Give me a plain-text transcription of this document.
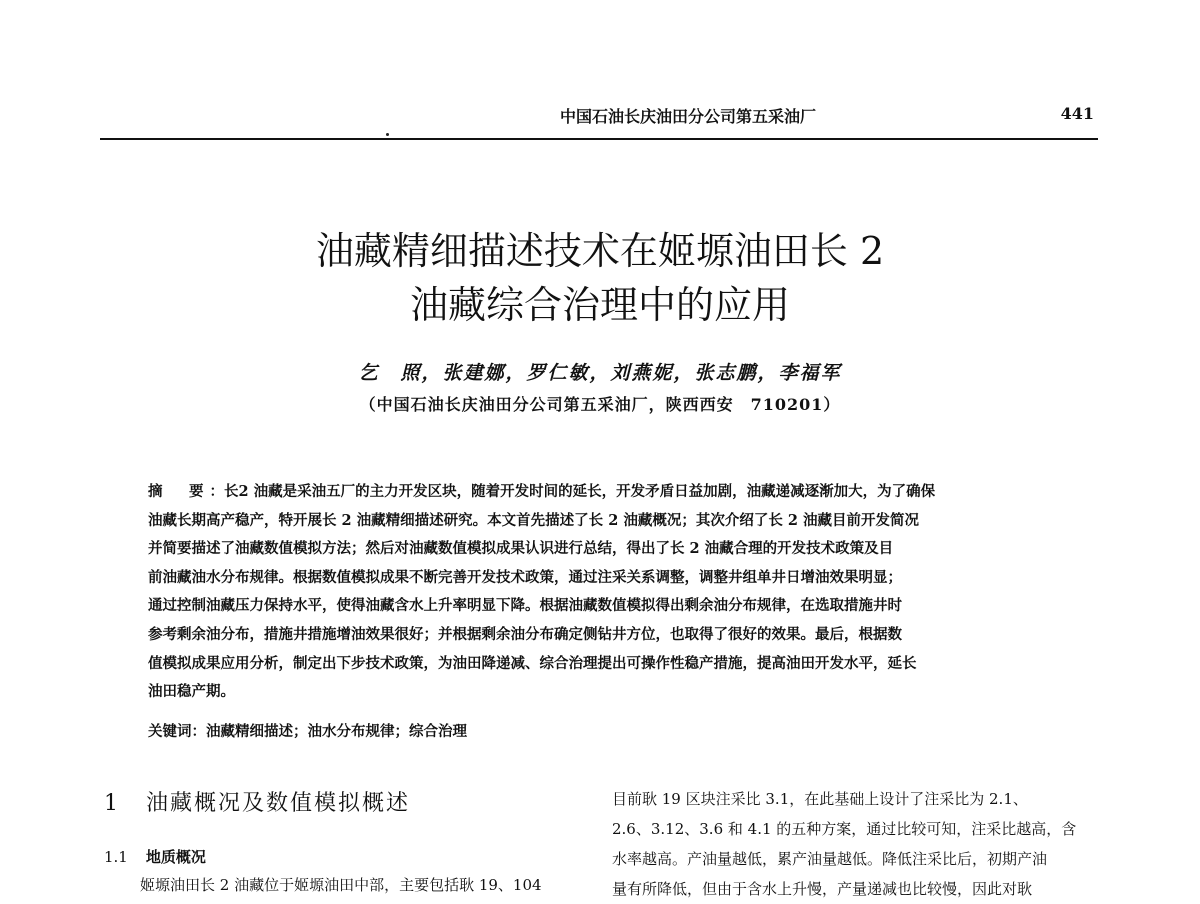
中国石油长庆油田分公司第五采油厂	441
油藏精细描述技术在姬塬油田长 2
油藏综合治理中的应用
乞　照，张建娜，罗仁敏，刘燕妮，张志鹏，李福军
（中国石油长庆油田分公司第五采油厂，陕西西安　710201）
摘　要：长2 油藏是采油五厂的主力开发区块，随着开发时间的延长，开发矛盾日益加剧，油藏递减逐渐加大，为了确保
油藏长期高产稳产，特开展长 2 油藏精细描述研究。本文首先描述了长 2 油藏概况；其次介绍了长 2 油藏目前开发简况
并简要描述了油藏数值模拟方法；然后对油藏数值模拟成果认识进行总结，得出了长 2 油藏合理的开发技术政策及目
前油藏油水分布规律。根据数值模拟成果不断完善开发技术政策，通过注采关系调整，调整井组单井日增油效果明显；
通过控制油藏压力保持水平，使得油藏含水上升率明显下降。根据油藏数值模拟得出剩余油分布规律，在选取措施井时
参考剩余油分布，措施井措施增油效果很好；并根据剩余油分布确定侧钻井方位，也取得了很好的效果。最后，根据数
值模拟成果应用分析，制定出下步技术政策，为油田降递减、综合治理提出可操作性稳产措施，提高油田开发水平，延长
油田稳产期。
关键词：油藏精细描述；油水分布规律；综合治理
1 油藏概况及数值模拟概述
1.1 地质概况
姬塬油田长 2 油藏位于姬塬油田中部，主要包括耿 19、104
目前耿 19 区块注采比 3.1，在此基础上设计了注采比为 2.1、
2.6、3.12、3.6 和 4.1 的五种方案，通过比较可知，注采比越高，含
水率越高。产油量越低，累产油量越低。降低注采比后，初期产油
量有所降低，但由于含水上升慢，产量递减也比较慢，因此对耿
